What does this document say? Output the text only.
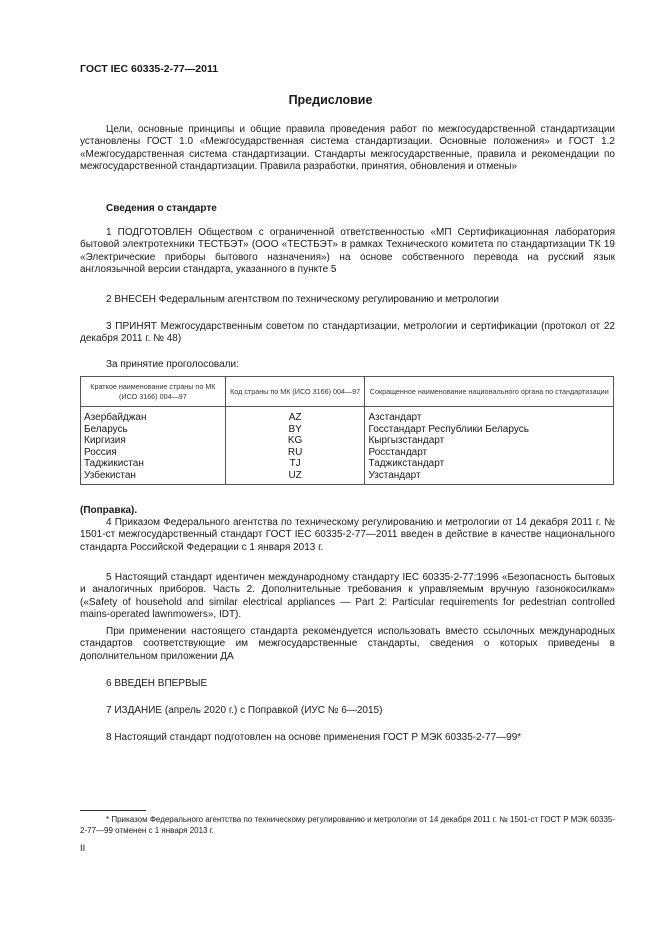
ГОСТ IEC 60335-2-77—2011
Предисловие
Цели, основные принципы и общие правила проведения работ по межгосударственной стандартизации установлены ГОСТ 1.0 «Межгосударственная система стандартизации. Основные положения» и ГОСТ 1.2 «Межгосударственная система стандартизации. Стандарты межгосударственные, правила и рекомендации по межгосударственной стандартизации. Правила разработки, принятия, обновления и отмены»
Сведения о стандарте
1 ПОДГОТОВЛЕН Обществом с ограниченной ответственностью «МП Сертификационная лаборатория бытовой электротехники ТЕСТБЭТ» (ООО «ТЕСТБЭТ» в рамках Технического комитета по стандартизации ТК 19 «Электрические приборы бытового назначения») на основе собственного перевода на русский язык англоязычной версии стандарта, указанного в пункте 5
2 ВНЕСЕН Федеральным агентством по техническому регулированию и метрологии
3 ПРИНЯТ Межгосударственным советом по стандартизации, метрологии и сертификации (протокол от 22 декабря 2011 г. № 48)
За принятие проголосовали:
Краткое наименование страны по МК (ИСО 3166) 004—97	Код страны по МК (ИСО 3166) 004—97	Сокращенное наименование национального органа по стандартизации
Азербайджан	AZ	Азстандарт
Беларусь	BY	Госстандарт Республики Беларусь
Киргизия	KG	Кыргызстандарт
Россия	RU	Росстандарт
Таджикистан	TJ	Таджикстандарт
Узбекистан	UZ	Узстандарт
(Поправка).
4 Приказом Федерального агентства по техническому регулированию и метрологии от 14 декабря 2011 г. № 1501-ст межгосударственный стандарт ГОСТ IEC 60335-2-77—2011 введен в действие в качестве национального стандарта Российской Федерации с 1 января 2013 г.
5 Настоящий стандарт идентичен международному стандарту IEC 60335-2-77:1996 «Безопасность бытовых и аналогичных приборов. Часть 2. Дополнительные требования к управляемым вручную газонокосилкам» («Safety of household and similar electrical appliances — Part 2: Particular requirements for pedestrian controlled mains-operated lawnmowers», IDT).
При применении настоящего стандарта рекомендуется использовать вместо ссылочных международных стандартов соответствующие им межгосударственные стандарты, сведения о которых приведены в дополнительном приложении ДА
6 ВВЕДЕН ВПЕРВЫЕ
7 ИЗДАНИЕ (апрель 2020 г.) с Поправкой (ИУС № 6—2015)
8 Настоящий стандарт подготовлен на основе применения ГОСТ Р МЭК 60335-2-77—99*
* Приказом Федерального агентства по техническому регулированию и метрологии от 14 декабря 2011 г. № 1501-ст ГОСТ Р МЭК 60335-2-77—99 отменен с 1 января 2013 г.
II
